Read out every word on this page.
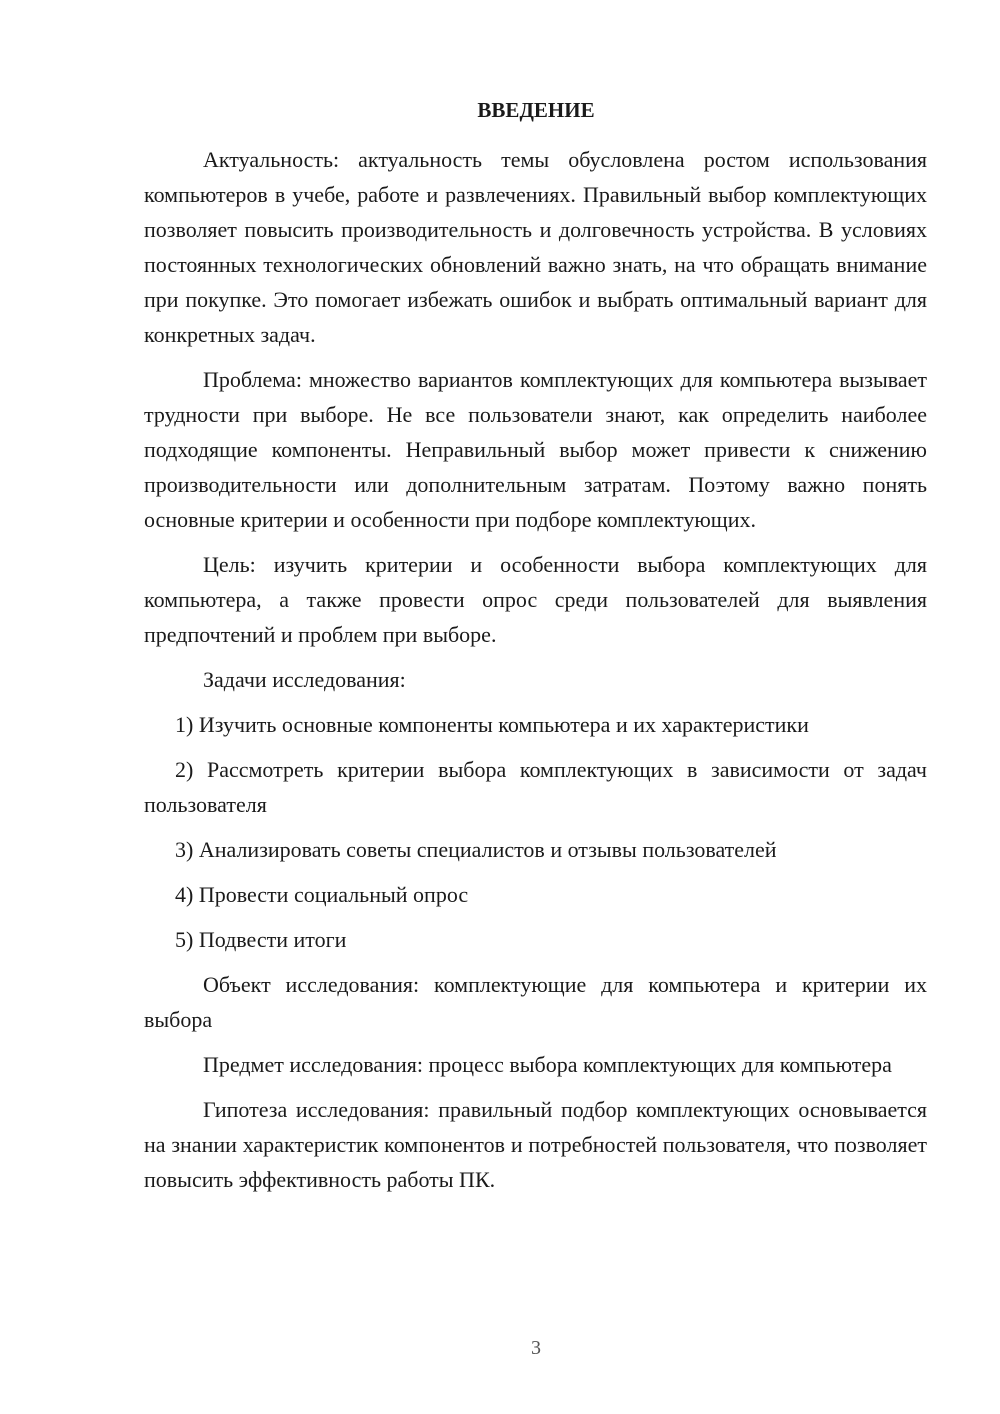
ВВЕДЕНИЕ

Актуальность: актуальность темы обусловлена ростом использования компьютеров в учебе, работе и развлечениях. Правильный выбор комплектующих позволяет повысить производительность и долговечность устройства. В условиях постоянных технологических обновлений важно знать, на что обращать внимание при покупке. Это помогает избежать ошибок и выбрать оптимальный вариант для конкретных задач.

Проблема: множество вариантов комплектующих для компьютера вызывает трудности при выборе. Не все пользователи знают, как определить наиболее подходящие компоненты. Неправильный выбор может привести к снижению производительности или дополнительным затратам. Поэтому важно понять основные критерии и особенности при подборе комплектующих.

Цель: изучить критерии и особенности выбора комплектующих для компьютера, а также провести опрос среди пользователей для выявления предпочтений и проблем при выборе.

Задачи исследования:

1) Изучить основные компоненты компьютера и их характеристики

2) Рассмотреть критерии выбора комплектующих в зависимости от задач пользователя

3) Анализировать советы специалистов и отзывы пользователей

4) Провести социальный опрос

5) Подвести итоги

Объект исследования: комплектующие для компьютера и критерии их выбора

Предмет исследования: процесс выбора комплектующих для компьютера

Гипотеза исследования: правильный подбор комплектующих основывается на знании характеристик компонентов и потребностей пользователя, что позволяет повысить эффективность работы ПК.

3
